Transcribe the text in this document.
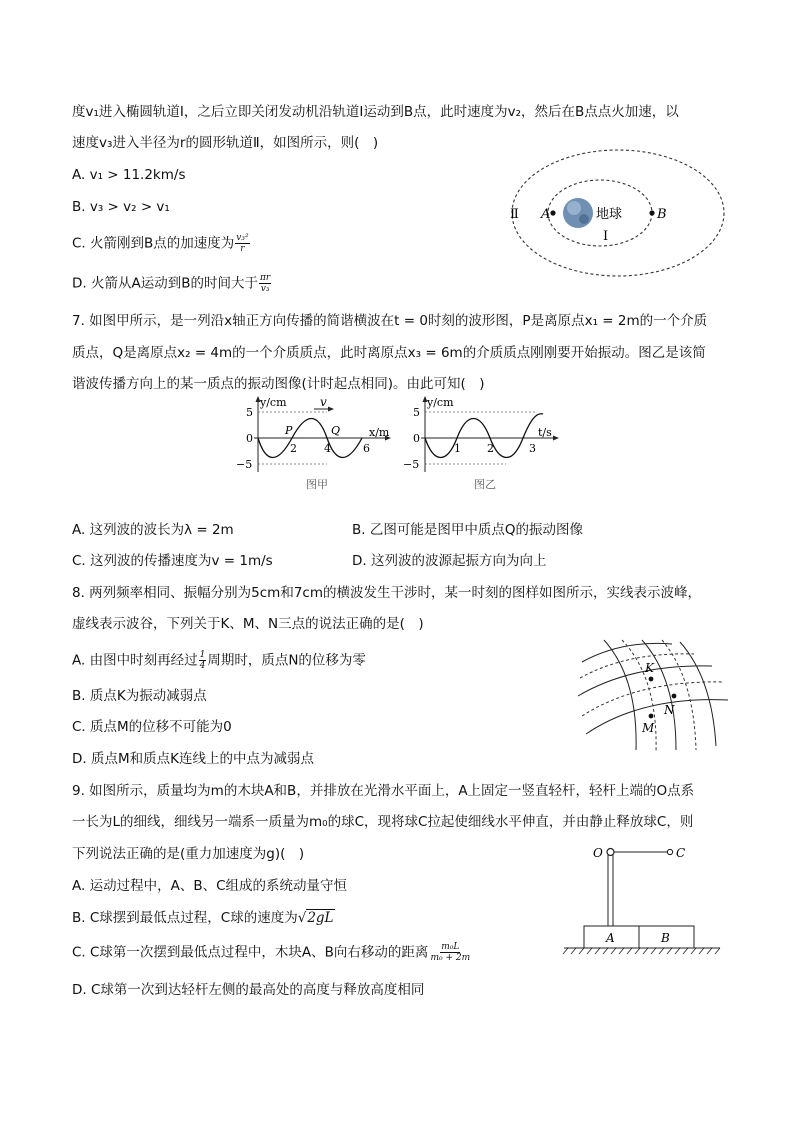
度v₁进入椭圆轨道Ⅰ，之后立即关闭发动机沿轨道Ⅰ运动到B点，此时速度为v₂，然后在B点点火加速，以
速度v₃进入半径为r的圆形轨道Ⅱ，如图所示，则(　)
A. v₁ > 11.2km/s
B. v₃ > v₂ > v₁
C. 火箭刚到B点的加速度为 $\frac{\text{v₃²}}{r}$
D. 火箭从A运动到B的时间大于 $\frac{\pi r}{\text{v₃}}$
Ⅱ A	地球	B
Ⅰ
7. 如图甲所示，是一列沿x轴正方向传播的简谐横波在t = 0时刻的波形图，P是离原点x₁ = 2m的一个介质
质点，Q是离原点x₂ = 4m的一个介质质点，此时离原点x₃ = 6m的介质质点刚刚要开始振动。图乙是该简
谐波传播方向上的某一质点的振动图像(计时起点相同)。由此可知(　)
v
y/cm
x/m
5
0
−5
2 4	6
P	Q
图甲
y/cm
t/s
5
0
−5
1 2	3
图乙
A. 这列波的波长为λ = 2m	B. 乙图可能是图甲中质点Q的振动图像
C. 这列波的传播速度为v = 1m/s	D. 这列波的波源起振方向为向上
8. 两列频率相同、振幅分别为5cm和7cm的横波发生干涉时，某一时刻的图样如图所示，实线表示波峰，
虚线表示波谷，下列关于K、M、N三点的说法正确的是(　)
A. 由图中时刻再经过 $\frac{1}{4}$ 周期时，质点N的位移为零
B. 质点K为振动减弱点
C. 质点M的位移不可能为0
D. 质点M和质点K连线上的中点为减弱点
K
N
M
9. 如图所示，质量均为m的木块A和B，并排放在光滑水平面上，A上固定一竖直轻杆，轻杆上端的O点系
一长为L的细线，细线另一端系一质量为m₀的球C，现将球C拉起使细线水平伸直，并由静止释放球C，则
下列说法正确的是(重力加速度为g)(　)
A. 运动过程中，A、B、C组成的系统动量守恒
B. C球摆到最低点过程，C球的速度为√2gL
C. C球第一次摆到最低点过程中，木块A、B向右移动的距离 $\frac{\text{m₀L}}{\text{m₀ + 2m}}$
D. C球第一次到达轻杆左侧的最高处的高度与释放高度相同
O	C
A	B
